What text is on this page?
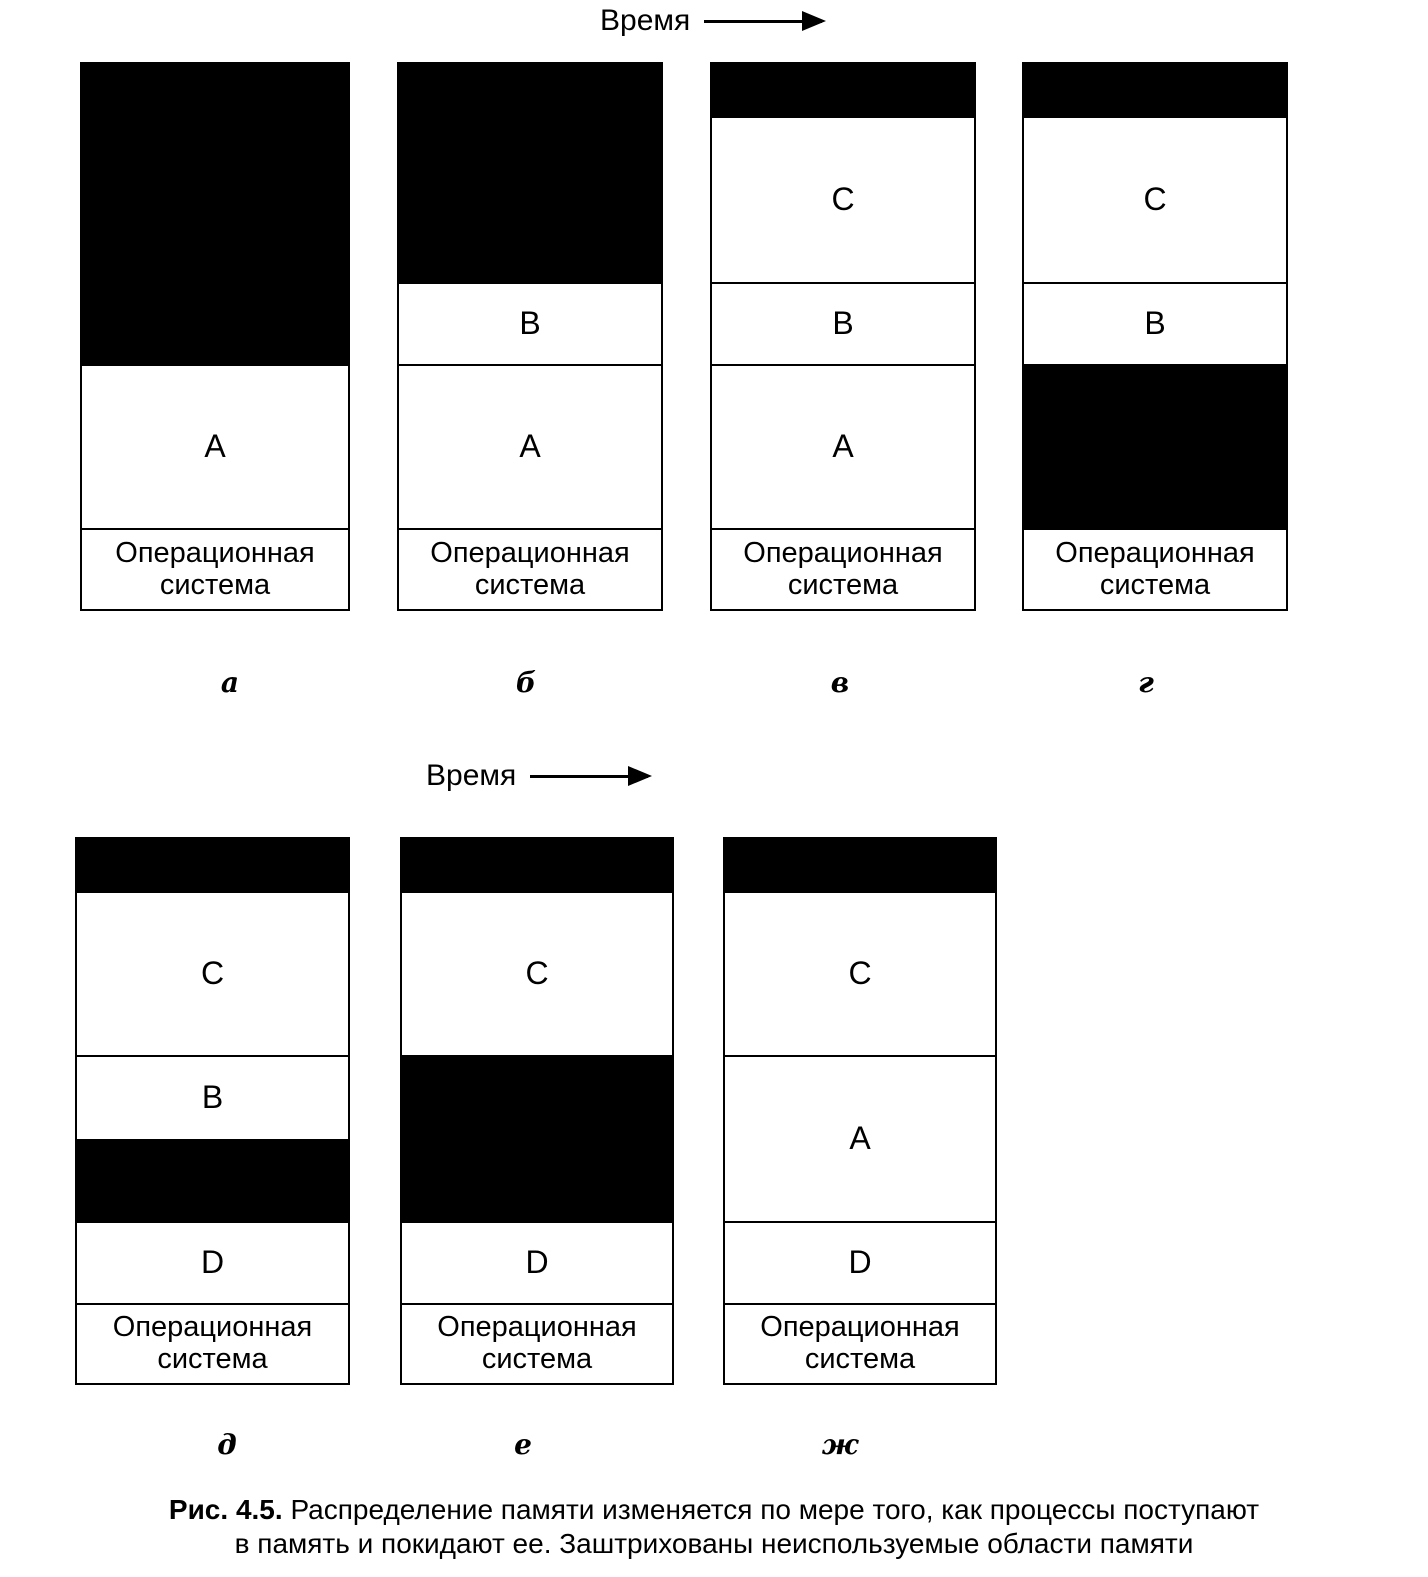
Время
Время
A
Операционная
система
а
B
A
Операционная
система
б
C
B
A
Операционная
система
в
C
B
Операционная
система
г
C
B
D
Операционная
система
д
C
D
Операционная
система
е
C
A
D
Операционная
система
ж
Рис. 4.5. Распределение памяти изменяется по мере того, как процессы поступают
в память и покидают ее. Заштрихованы неиспользуемые области памяти
